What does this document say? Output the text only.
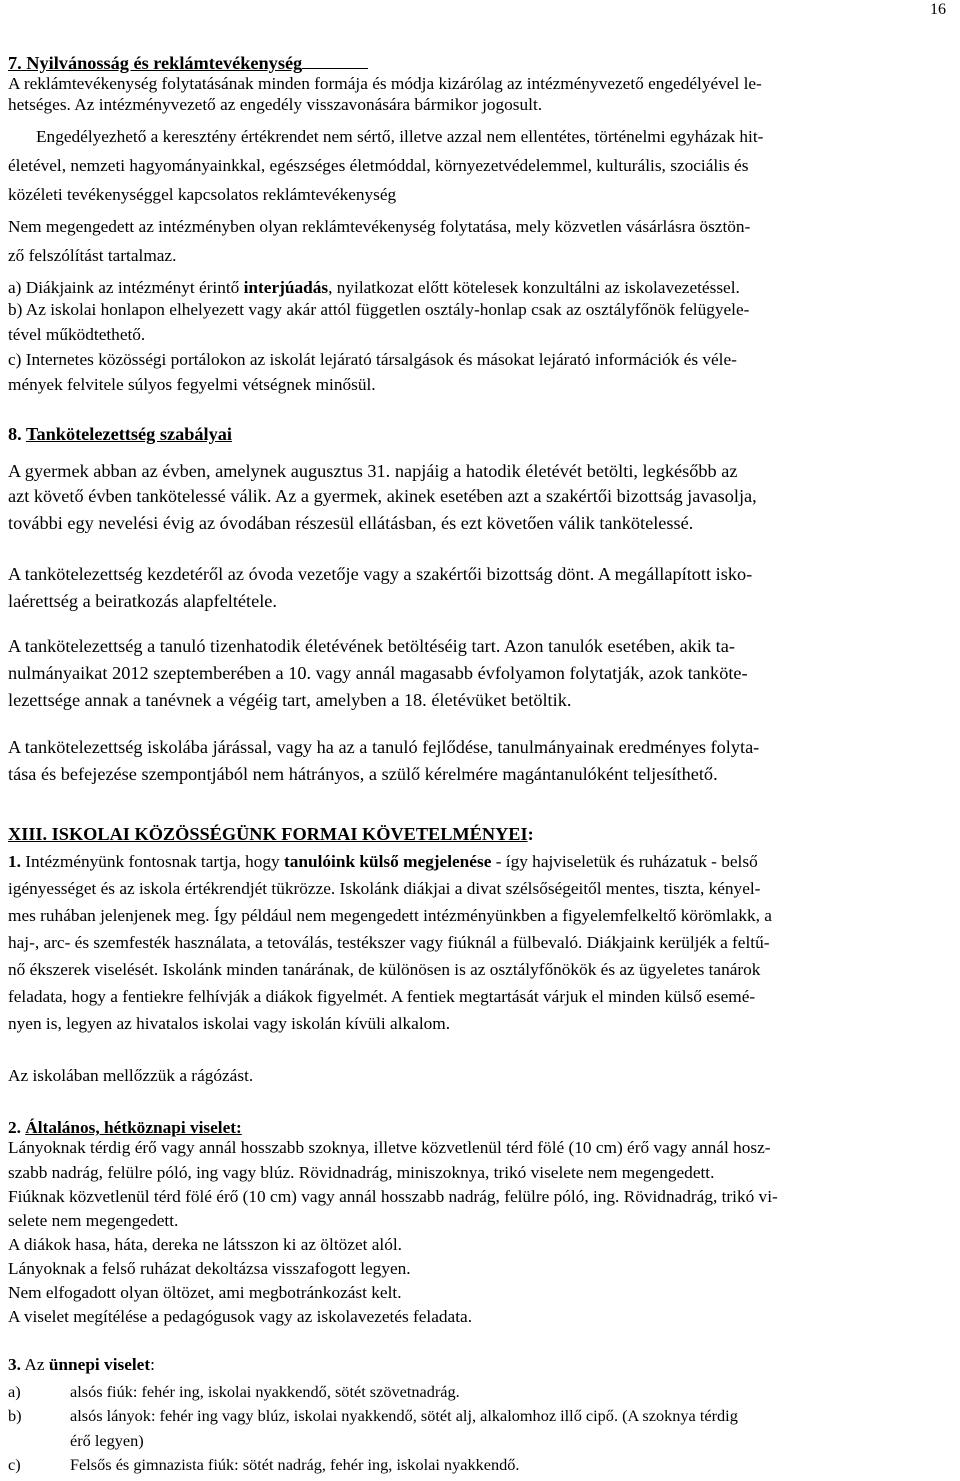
16
7. Nyilvánosság és reklámtevékenység
A reklámtevékenység folytatásának minden formája és módja kizárólag az intézményvezető engedélyével le-
hetséges. Az intézményvezető az engedély visszavonására bármikor jogosult.
Engedélyezhető a keresztény értékrendet nem sértő, illetve azzal nem ellentétes, történelmi egyházak hit-
életével, nemzeti hagyományainkkal, egészséges életmóddal, környezetvédelemmel, kulturális, szociális és
közéleti tevékenységgel kapcsolatos reklámtevékenység
Nem megengedett az intézményben olyan reklámtevékenység folytatása, mely közvetlen vásárlásra ösztön-
ző felszólítást tartalmaz.
a) Diákjaink az intézményt érintő interjúadás, nyilatkozat előtt kötelesek konzultálni az iskolavezetéssel.
b) Az iskolai honlapon elhelyezett vagy akár attól független osztály-honlap csak az osztályfőnök felügyele-
tével működtethető.
c) Internetes közösségi portálokon az iskolát lejárató társalgások és másokat lejárató információk és véle-
mények felvitele súlyos fegyelmi vétségnek minősül.
8. Tankötelezettség szabályai
A gyermek abban az évben, amelynek augusztus 31. napjáig a hatodik életévét betölti, legkésőbb az
azt követő évben tankötelessé válik. Az a gyermek, akinek esetében azt a szakértői bizottság javasolja,
további egy nevelési évig az óvodában részesül ellátásban, és ezt követően válik tankötelessé.
A tankötelezettség kezdetéről az óvoda vezetője vagy a szakértői bizottság dönt. A megállapított isko-
laérettség a beiratkozás alapfeltétele.
A tankötelezettség a tanuló tizenhatodik életévének betöltéséig tart. Azon tanulók esetében, akik ta-
nulmányaikat 2012 szeptemberében a 10. vagy annál magasabb évfolyamon folytatják, azok tanköte-
lezettsége annak a tanévnek a végéig tart, amelyben a 18. életévüket betöltik.
A tankötelezettség iskolába járással, vagy ha az a tanuló fejlődése, tanulmányainak eredményes folyta-
tása és befejezése szempontjából nem hátrányos, a szülő kérelmére magántanulóként teljesíthető.
XIII. ISKOLAI KÖZÖSSÉGÜNK FORMAI KÖVETELMÉNYEI:
1. Intézményünk fontosnak tartja, hogy tanulóink külső megjelenése - így hajviseletük és ruházatuk - belső
igényességet és az iskola értékrendjét tükrözze. Iskolánk diákjai a divat szélsőségeitől mentes, tiszta, kényel-
mes ruhában jelenjenek meg. Így például nem megengedett intézményünkben a figyelemfelkeltő körömlakk, a
haj-, arc- és szemfesték használata, a tetoválás, testékszer vagy fiúknál a fülbevaló. Diákjaink kerüljék a feltű-
nő ékszerek viselését. Iskolánk minden tanárának, de különösen is az osztályfőnökök és az ügyeletes tanárok
feladata, hogy a fentiekre felhívják a diákok figyelmét. A fentiek megtartását várjuk el minden külső esemé-
nyen is, legyen az hivatalos iskolai vagy iskolán kívüli alkalom.
Az iskolában mellőzzük a rágózást.
2. Általános, hétköznapi viselet:
Lányoknak térdig érő vagy annál hosszabb szoknya, illetve közvetlenül térd fölé (10 cm) érő vagy annál hosz-
szabb nadrág, felülre póló, ing vagy blúz. Rövidnadrág, miniszoknya, trikó viselete nem megengedett.
Fiúknak közvetlenül térd fölé érő (10 cm) vagy annál hosszabb nadrág, felülre póló, ing. Rövidnadrág, trikó vi-
selete nem megengedett.
A diákok hasa, háta, dereka ne látsszon ki az öltözet alól.
Lányoknak a felső ruházat dekoltázsa visszafogott legyen.
Nem elfogadott olyan öltözet, ami megbotránkozást kelt.
A viselet megítélése a pedagógusok vagy az iskolavezetés feladata.
3. Az ünnepi viselet:
a)	alsós fiúk: fehér ing, iskolai nyakkendő, sötét szövetnadrág.
b)	alsós lányok: fehér ing vagy blúz, iskolai nyakkendő, sötét alj, alkalomhoz illő cipő. (A szoknya térdig
érő legyen)
c)	Felsős és gimnazista fiúk: sötét nadrág, fehér ing, iskolai nyakkendő.
